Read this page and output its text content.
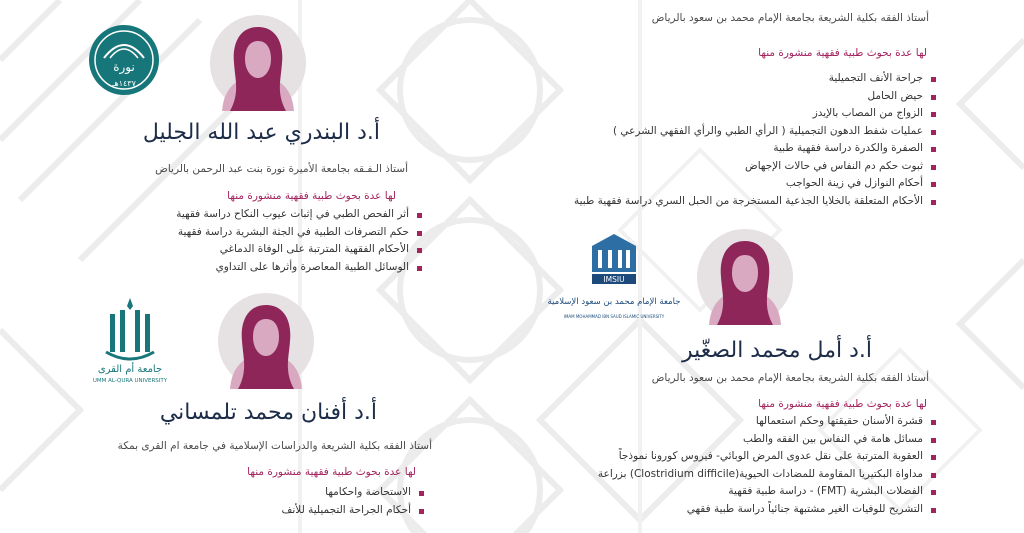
أستاذ الفقه بكلية الشريعة بجامعة الإمام محمد بن سعود بالرياض
لها عدة بحوث طبية فقهية منشورة منها
جراحة الأنف التجميلية
حيض الحامل
الزواج من المصاب بالإيدز
عمليات شفط الدهون التجميلية ( الرأي الطبي والرأي الفقهي الشرعي )
الصفرة والكدرة دراسة فقهية طبية
ثبوت حكم دم النفاس في حالات الإجهاض
أحكام النوازل في زينة الحواجب
الأحكام المتعلقة بالخلايا الجذعية المستخرجة من الحبل السري دراسة فقهية طبية
نورة
١٤٣٧هـ
أ.د البندري عبد الله الجليل
أستاذ الـفـقه بجامعة الأميرة نورة بنت عبد الرحمن بالرياض
لها عدة بحوث طبية فقهية منشورة منها
أثر الفحص الطبي في إثبات عيوب النكاح دراسة فقهية
حكم التصرفات الطبية في الجثة البشرية دراسة فقهية
الأحكام الفقهية المترتبة على الوفاة الدماغي
الوسائل الطبية المعاصرة وأثرها على التداوي
جامعة أم القرى
UMM AL-QURA UNIVERSITY
أ.د أفنان محمد تلمساني
أستاذ الفقه بكلية الشريعة والدراسات الإسلامية في جامعة ام القرى بمكة
لها عدة بحوث طبية فقهية منشورة منها
الاستحاضة واحكامها
أحكام الجراحة التجميلية للأنف
IMSIU
جامعة الإمام محمد بن سعود الإسلامية
IMAM MOHAMMAD IBN SAUD ISLAMIC UNIVERSITY
أ.د أمل محمد الصغّير
أستاذ الفقه بكلية الشريعة بجامعة الإمام محمد بن سعود بالرياض
لها عدة بحوث طبية فقهية منشورة منها
قشرة الأسنان حقيقتها وحكم استعمالها
مسائل هامة في النفاس بين الفقه والطب
العقوبة المترتبة على نقل عدوى المرض الوبائي- فيروس كورونا نموذجاً
مداواة البكتيريا المقاومة للمضادات الحيوية(Clostridium difficile) بزراعة
الفضلات البشرية (FMT) - دراسة طبية فقهية
التشريح للوفيات الغير مشتبهة جنائياً دراسة طبية فقهي
